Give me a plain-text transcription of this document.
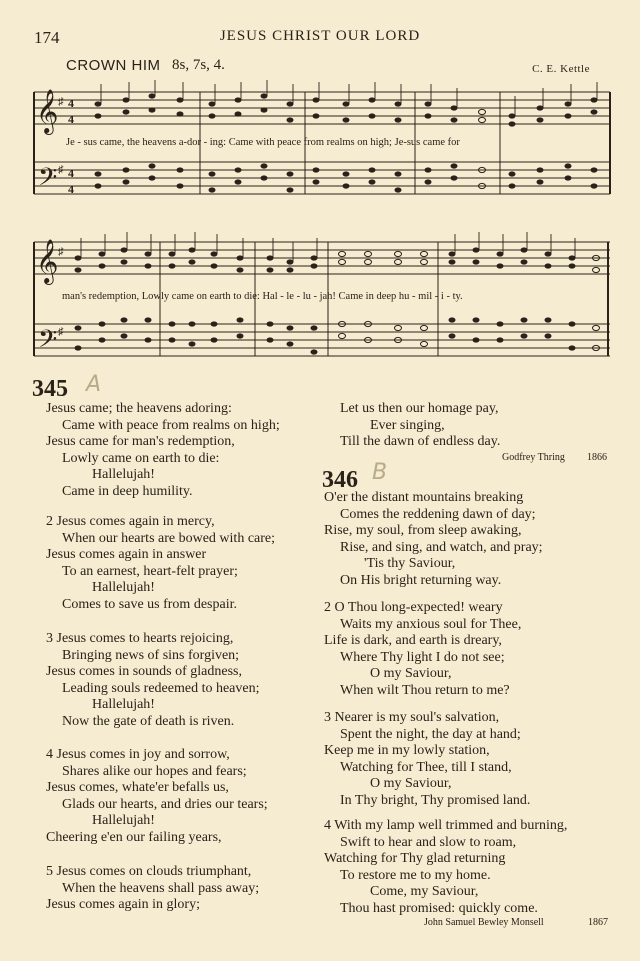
174	JESUS CHRIST OUR LORD
CROWN HIM 8s, 7s, 4.	C. E. Kettle
𝄞
𝄢
♯
♯
4
4
4
4
Je - sus came, the heavens a-dor - ing: Came with peace from realms on high; Je-sus came for
𝄞
𝄢
♯
♯
man's redemption, Lowly came on earth to die: Hal - le - lu - jah! Came in deep hu - mil - i - ty.
345 A
Jesus came; the heavens adoring:
Came with peace from realms on high;
Jesus came for man's redemption,
Lowly came on earth to die:
Hallelujah!
Came in deep humility.
2 Jesus comes again in mercy,
When our hearts are bowed with care;
Jesus comes again in answer
To an earnest, heart-felt prayer;
Hallelujah!
Comes to save us from despair.
3 Jesus comes to hearts rejoicing,
Bringing news of sins forgiven;
Jesus comes in sounds of gladness,
Leading souls redeemed to heaven;
Hallelujah!
Now the gate of death is riven.
4 Jesus comes in joy and sorrow,
Shares alike our hopes and fears;
Jesus comes, whate'er befalls us,
Glads our hearts, and dries our tears;
Hallelujah!
Cheering e'en our failing years,
5 Jesus comes on clouds triumphant,
When the heavens shall pass away;
Jesus comes again in glory;
Let us then our homage pay,
Ever singing,
Till the dawn of endless day.
Godfrey Thring 1866
346 B
O'er the distant mountains breaking
Comes the reddening dawn of day;
Rise, my soul, from sleep awaking,
Rise, and sing, and watch, and pray;
'Tis thy Saviour,
On His bright returning way.
2 O Thou long-expected! weary
Waits my anxious soul for Thee,
Life is dark, and earth is dreary,
Where Thy light I do not see;
O my Saviour,
When wilt Thou return to me?
3 Nearer is my soul's salvation,
Spent the night, the day at hand;
Keep me in my lowly station,
Watching for Thee, till I stand,
O my Saviour,
In Thy bright, Thy promised land.
4 With my lamp well trimmed and burning,
Swift to hear and slow to roam,
Watching for Thy glad returning
To restore me to my home.
Come, my Saviour,
Thou hast promised: quickly come.
John Samuel Bewley Monsell	1867
